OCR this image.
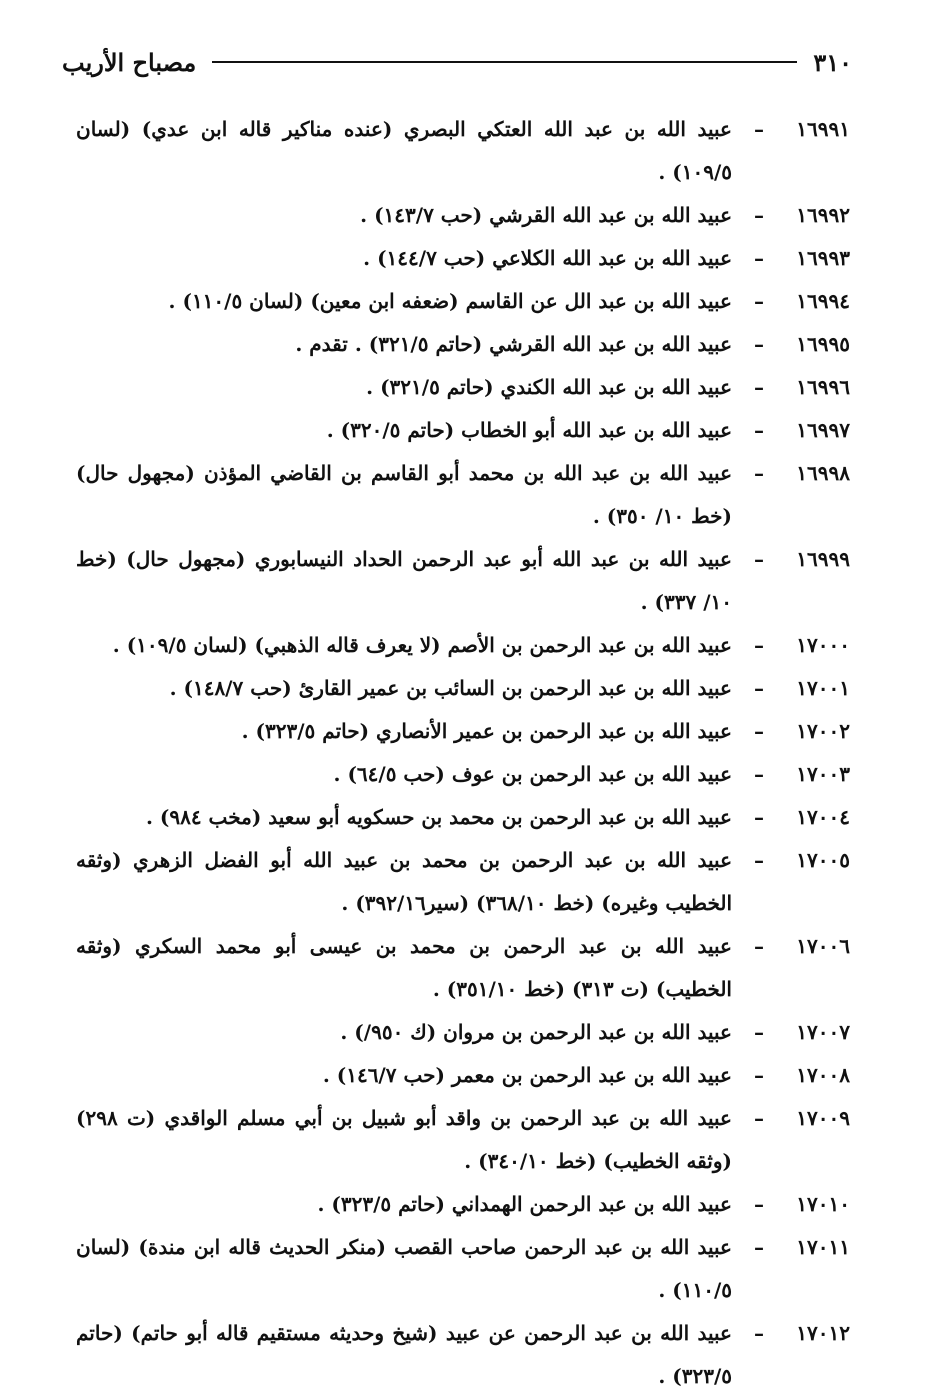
٣١٠
مصباح الأريب
١٦٩٩١
–
عبيد الله بن عبد الله العتكي البصري (عنده مناكير قاله ابن عدي) (لسان ١٠٩/٥) .
١٦٩٩٢
–
عبيد الله بن عبد الله القرشي (حب ١٤٣/٧) .
١٦٩٩٣
–
عبيد الله بن عبد الله الكلاعي (حب ١٤٤/٧) .
١٦٩٩٤
–
عبيد الله بن عبد الل عن القاسم (ضعفه ابن معين) (لسان ١١٠/٥) .
١٦٩٩٥
–
عبيد الله بن عبد الله القرشي (حاتم ٣٢١/٥) . تقدم .
١٦٩٩٦
–
عبيد الله بن عبد الله الكندي (حاتم ٣٢١/٥) .
١٦٩٩٧
–
عبيد الله بن عبد الله أبو الخطاب (حاتم ٣٢٠/٥) .
١٦٩٩٨
–
عبيد الله بن عبد الله بن محمد أبو القاسم بن القاضي المؤذن (مجهول حال) (خط ١٠/ ٣٥٠) .
١٦٩٩٩
–
عبيد الله بن عبد الله أبو عبد الرحمن الحداد النيسابوري (مجهول حال) (خط ١٠/ ٣٣٧) .
١٧٠٠٠
–
عبيد الله بن عبد الرحمن بن الأصم (لا يعرف قاله الذهبي) (لسان ١٠٩/٥) .
١٧٠٠١
–
عبيد الله بن عبد الرحمن بن السائب بن عمير القارئ (حب ١٤٨/٧) .
١٧٠٠٢
–
عبيد الله بن عبد الرحمن بن عمير الأنصاري (حاتم ٣٢٣/٥) .
١٧٠٠٣
–
عبيد الله بن عبد الرحمن بن عوف (حب ٦٤/٥) .
١٧٠٠٤
–
عبيد الله بن عبد الرحمن بن محمد بن حسكويه أبو سعيد (مخب ٩٨٤) .
١٧٠٠٥
–
عبيد الله بن عبد الرحمن بن محمد بن عبيد الله أبو الفضل الزهري (وثقه الخطيب وغيره) (خط ٣٦٨/١٠) (سير٣٩٢/١٦) .
١٧٠٠٦
–
عبيد الله بن عبد الرحمن بن محمد بن عيسى أبو محمد السكري (وثقه الخطيب) (ت ٣١٣) (خط ٣٥١/١٠) .
١٧٠٠٧
–
عبيد الله بن عبد الرحمن بن مروان (ك ٩٥٠/) .
١٧٠٠٨
–
عبيد الله بن عبد الرحمن بن معمر (حب ١٤٦/٧) .
١٧٠٠٩
–
عبيد الله بن عبد الرحمن بن واقد أبو شبيل بن أبي مسلم الواقدي (ت ٢٩٨) (وثقه الخطيب) (خط ٣٤٠/١٠) .
١٧٠١٠
–
عبيد الله بن عبد الرحمن الهمداني (حاتم ٣٢٣/٥) .
١٧٠١١
–
عبيد الله بن عبد الرحمن صاحب القصب (منكر الحديث قاله ابن مندة) (لسان ١١٠/٥) .
١٧٠١٢
–
عبيد الله بن عبد الرحمن عن عبيد (شيخ وحديثه مستقيم قاله أبو حاتم) (حاتم ٣٢٣/٥) .
